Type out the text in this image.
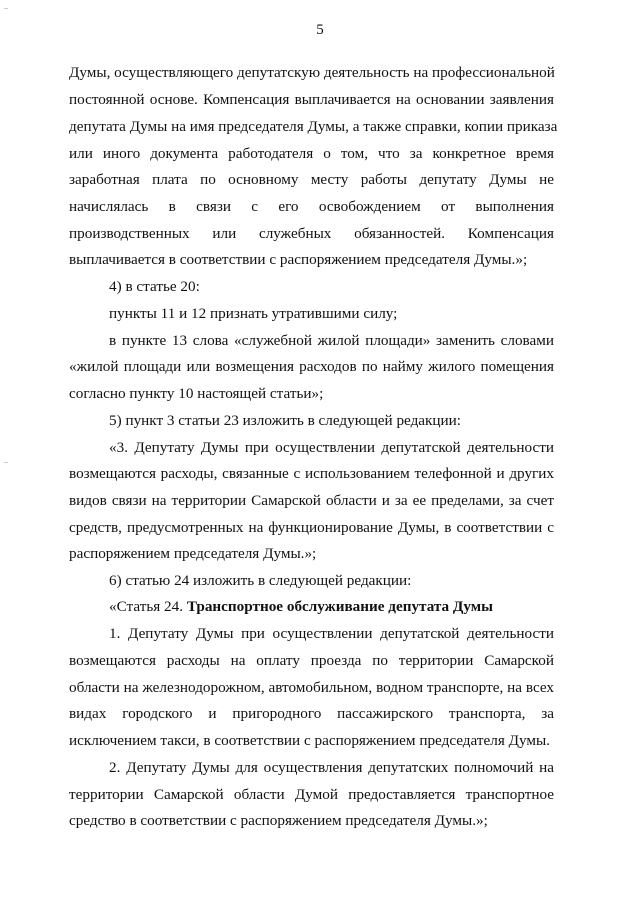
5
Думы, осуществляющего депутатскую деятельность на профессиональной
постоянной основе. Компенсация выплачивается на основании заявления
депутата Думы на имя председателя Думы, а также справки, копии приказа
или иного документа работодателя о том, что за конкретное время
заработная плата по основному месту работы депутату Думы не
начислялась в связи с его освобождением от выполнения
производственных или служебных обязанностей. Компенсация
выплачивается в соответствии с распоряжением председателя Думы.»;
4) в статье 20:
пункты 11 и 12 признать утратившими силу;
в пункте 13 слова «служебной жилой площади» заменить словами
«жилой площади или возмещения расходов по найму жилого помещения
согласно пункту 10 настоящей статьи»;
5) пункт 3 статьи 23 изложить в следующей редакции:
«3. Депутату Думы при осуществлении депутатской деятельности
возмещаются расходы, связанные с использованием телефонной и других
видов связи на территории Самарской области и за ее пределами, за счет
средств, предусмотренных на функционирование Думы, в соответствии с
распоряжением председателя Думы.»;
6) статью 24 изложить в следующей редакции:
«Статья 24. Транспортное обслуживание депутата Думы
1. Депутату Думы при осуществлении депутатской деятельности
возмещаются расходы на оплату проезда по территории Самарской
области на железнодорожном, автомобильном, водном транспорте, на всех
видах городского и пригородного пассажирского транспорта, за
исключением такси, в соответствии с распоряжением председателя Думы.
2. Депутату Думы для осуществления депутатских полномочий на
территории Самарской области Думой предоставляется транспортное
средство в соответствии с распоряжением председателя Думы.»;
